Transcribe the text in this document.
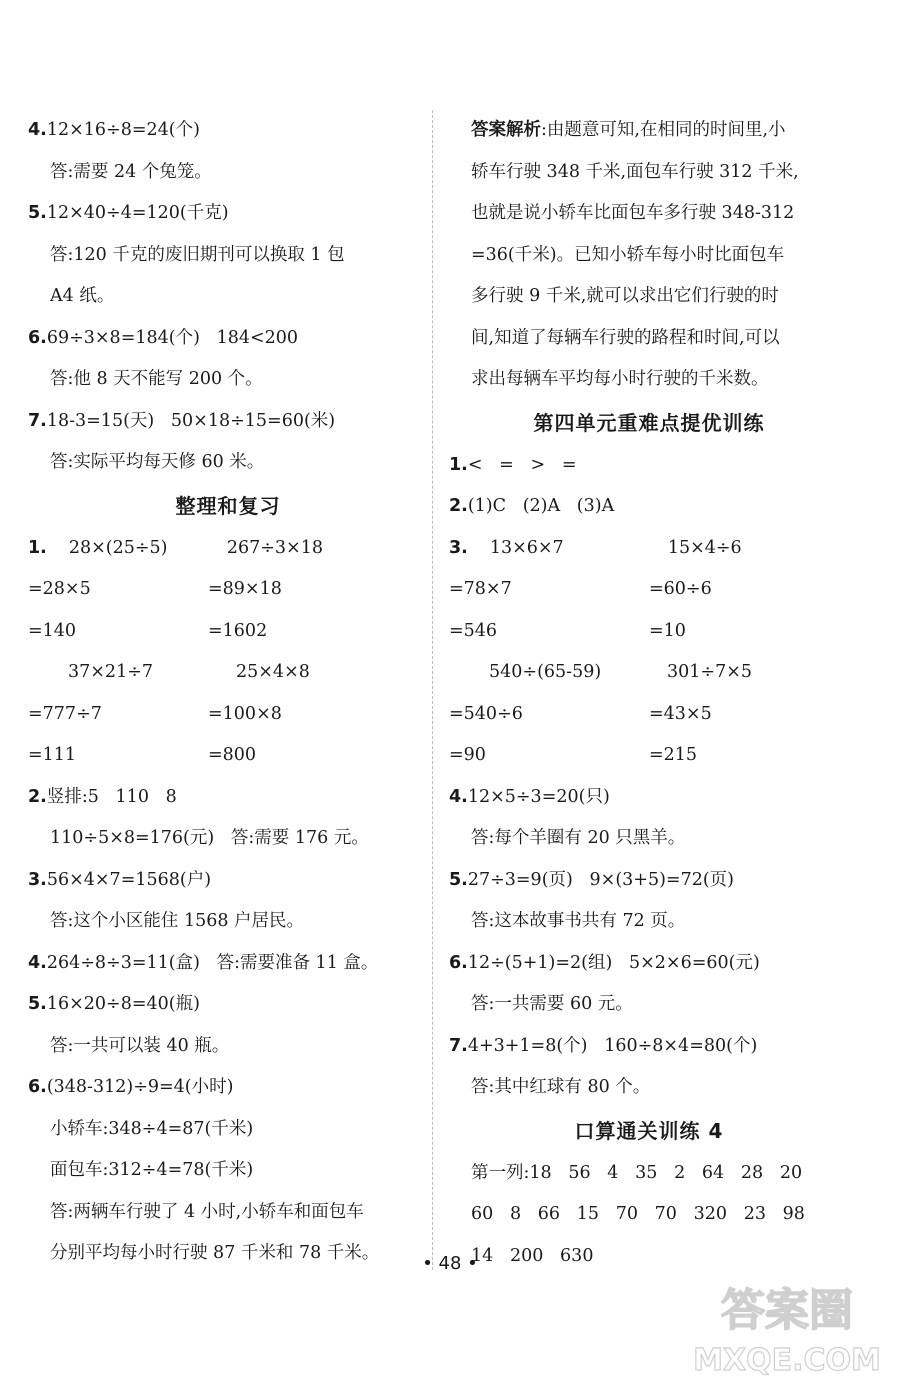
4.12×16÷8=24(个)
答:需要 24 个兔笼。
5.12×40÷4=120(千克)
答:120 千克的废旧期刊可以换取 1 包
A4 纸。
6.69÷3×8=184(个)   184<200
答:他 8 天不能写 200 个。
7.18-3=15(天)   50×18÷15=60(米)
答:实际平均每天修 60 米。
整理和复习
1. 28×(25÷5)	267÷3×18
=28×5	=89×18
=140	=1602
37×21÷7	25×4×8
=777÷7	=100×8
=111	=800
2.竖排:5   110   8
110÷5×8=176(元)   答:需要 176 元。
3.56×4×7=1568(户)
答:这个小区能住 1568 户居民。
4.264÷8÷3=11(盒)   答:需要准备 11 盒。
5.16×20÷8=40(瓶)
答:一共可以装 40 瓶。
6.(348-312)÷9=4(小时)
小轿车:348÷4=87(千米)
面包车:312÷4=78(千米)
答:两辆车行驶了 4 小时,小轿车和面包车
分别平均每小时行驶 87 千米和 78 千米。
答案解析:由题意可知,在相同的时间里,小
轿车行驶 348 千米,面包车行驶 312 千米,
也就是说小轿车比面包车多行驶 348-312
=36(千米)。已知小轿车每小时比面包车
多行驶 9 千米,就可以求出它们行驶的时
间,知道了每辆车行驶的路程和时间,可以
求出每辆车平均每小时行驶的千米数。
第四单元重难点提优训练
1.<   =   >   =
2.(1)C   (2)A   (3)A
3. 13×6×7	15×4÷6
=78×7	=60÷6
=546	=10
540÷(65-59)	301÷7×5
=540÷6	=43×5
=90	=215
4.12×5÷3=20(只)
答:每个羊圈有 20 只黑羊。
5.27÷3=9(页)   9×(3+5)=72(页)
答:这本故事书共有 72 页。
6.12÷(5+1)=2(组)   5×2×6=60(元)
答:一共需要 60 元。
7.4+3+1=8(个)   160÷8×4=80(个)
答:其中红球有 80 个。
口算通关训练 4
第一列:18   56   4   35   2   64   28   20
60   8   66   15   70   70   320   23   98
14   200   630
• 48 •
答案圈
MXQE.COM
